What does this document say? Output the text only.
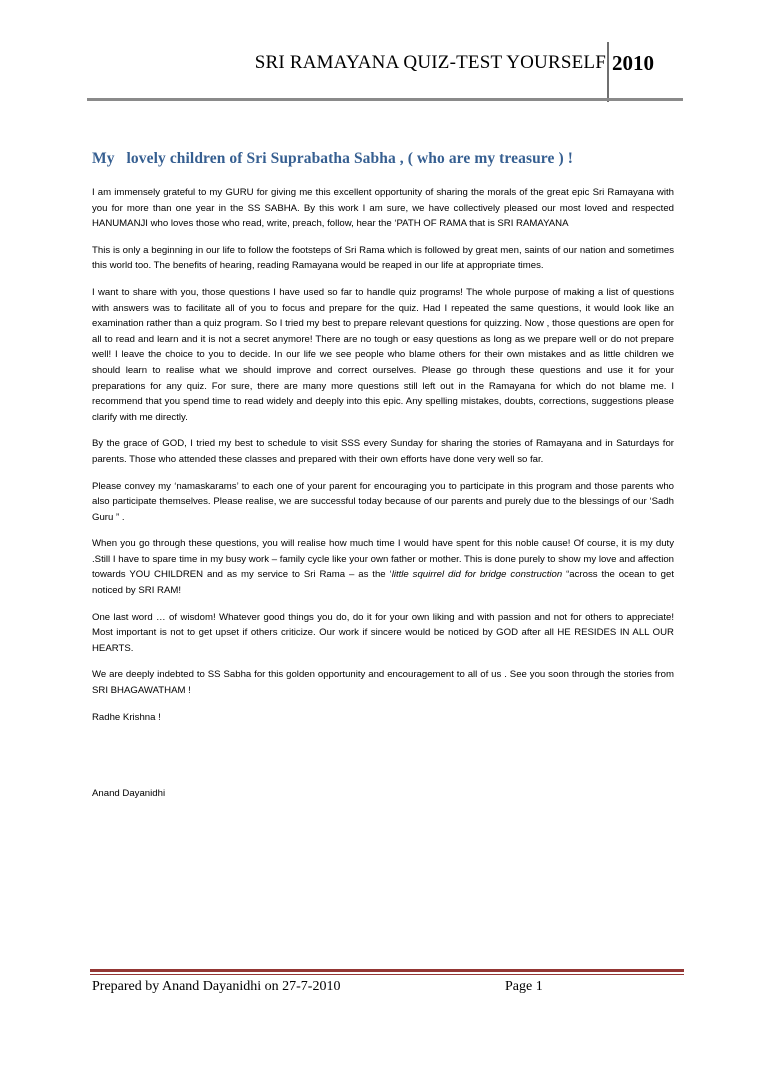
SRI RAMAYANA QUIZ-TEST YOURSELF 2010
My   lovely children of Sri Suprabatha Sabha , ( who are my treasure ) !

I am immensely grateful to my GURU for giving me this excellent opportunity of sharing the morals of the great epic Sri Ramayana with you for more than one year in the SS SABHA. By this work I am sure, we have collectively pleased our most loved and respected HANUMANJI who loves those who read, write, preach, follow, hear the ‘PATH OF RAMA that is SRI RAMAYANA

This is only a beginning in our life to follow the footsteps of Sri Rama which is followed by great men, saints of our nation and sometimes this world too. The benefits of hearing, reading Ramayana would be reaped in our life at appropriate times.

I want to share with you, those questions I have used so far to handle quiz programs! The whole purpose of making a list of questions with answers was to facilitate all of you to focus and prepare for the quiz. Had I repeated the same questions, it would look like an examination rather than a quiz program. So I tried my best to prepare relevant questions for quizzing. Now , those questions are open for all to read and learn and it is not a secret anymore! There are no tough or easy questions as long as we prepare well or do not prepare well! I leave the choice to you to decide. In our life we see people who blame others for their own mistakes and as little children we should learn to realise what we should improve and correct ourselves. Please go through these questions and use it for your preparations for any quiz. For sure, there are many more questions still left out in the Ramayana for which do not blame me. I recommend that you spend time to read widely and deeply into this epic. Any spelling mistakes, doubts, corrections, suggestions please clarify with me directly.

By the grace of GOD, I tried my best to schedule to visit SSS every Sunday for sharing the stories of Ramayana and in Saturdays for parents. Those who attended these classes and prepared with their own efforts have done very well so far.

Please convey my ‘namaskarams’ to each one of your parent for encouraging you to participate in this program and those parents who also participate themselves. Please realise, we are successful today because of our parents and purely due to the blessings of our ‘Sadh Guru ” .

When you go through these questions, you will realise how much time I would have spent for this noble cause! Of course, it is my duty .Still I have to spare time in my busy work – family cycle like your own father or mother. This is done purely to show my love and affection towards YOU CHILDREN and as my service to Sri Rama – as the ‘little squirrel did for bridge construction “across the ocean to get noticed by SRI RAM!

One last word … of wisdom! Whatever good things you do, do it for your own liking and with passion and not for others to appreciate! Most important is not to get upset if others criticize. Our work if sincere would be noticed by GOD after all HE RESIDES IN ALL OUR HEARTS.

We are deeply indebted to SS Sabha for this golden opportunity and encouragement to all of us . See you soon through the stories from SRI BHAGAWATHAM !

Radhe Krishna !

Anand Dayanidhi
Prepared by Anand Dayanidhi on 27-7-2010	Page 1
